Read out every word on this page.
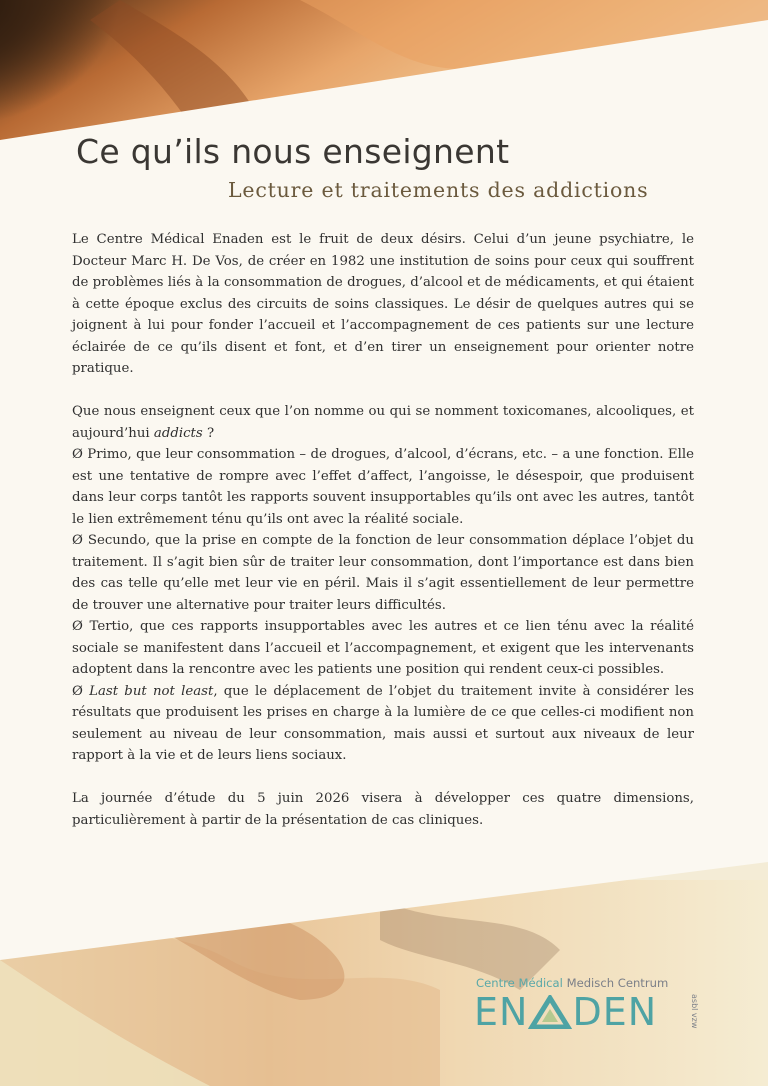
Ce qu’ils nous enseignent
Lecture et traitements des addictions

Le Centre Médical Enaden est le fruit de deux désirs. Celui d’un jeune psychiatre, le Docteur Marc H. De Vos, de créer en 1982 une institution de soins pour ceux qui souffrent de problèmes liés à la consommation de drogues, d’alcool et de médicaments, et qui étaient à cette époque exclus des circuits de soins classiques. Le désir de quelques autres qui se joignent à lui pour fonder l’accueil et l’accompagnement de ces patients sur une lecture éclairée de ce qu’ils disent et font, et d’en tirer un enseignement pour orienter notre pratique.

Que nous enseignent ceux que l’on nomme ou qui se nomment toxicomanes, alcooliques, et aujourd’hui addicts ?

Ø Primo, que leur consommation – de drogues, d’alcool, d’écrans, etc. – a une fonction. Elle est une tentative de rompre avec l’effet d’affect, l’angoisse, le désespoir, que produisent dans leur corps tantôt les rapports souvent insupportables qu’ils ont avec les autres, tantôt le lien extrêmement ténu qu’ils ont avec la réalité sociale.

Ø Secundo, que la prise en compte de la fonction de leur consommation déplace l’objet du traitement. Il s’agit bien sûr de traiter leur consommation, dont l’importance est dans bien des cas telle qu’elle met leur vie en péril. Mais il s’agit essentiellement de leur permettre de trouver une alternative pour traiter leurs difficultés.

Ø Tertio, que ces rapports insupportables avec les autres et ce lien ténu avec la réalité sociale se manifestent dans l’accueil et l’accompagnement, et exigent que les intervenants adoptent dans la rencontre avec les patients une position qui rendent ceux-ci possibles.

Ø Last but not least, que le déplacement de l’objet du traitement invite à considérer les résultats que produisent les prises en charge à la lumière de ce que celles-ci modifient non seulement au niveau de leur consommation, mais aussi et surtout aux niveaux de leur rapport à la vie et de leurs liens sociaux.

La journée d’étude du 5 juin 2026 visera à développer ces quatre dimensions, particulièrement à partir de la présentation de cas cliniques.

Centre Médical Medisch Centrum
EN DEN	asbl vzw
